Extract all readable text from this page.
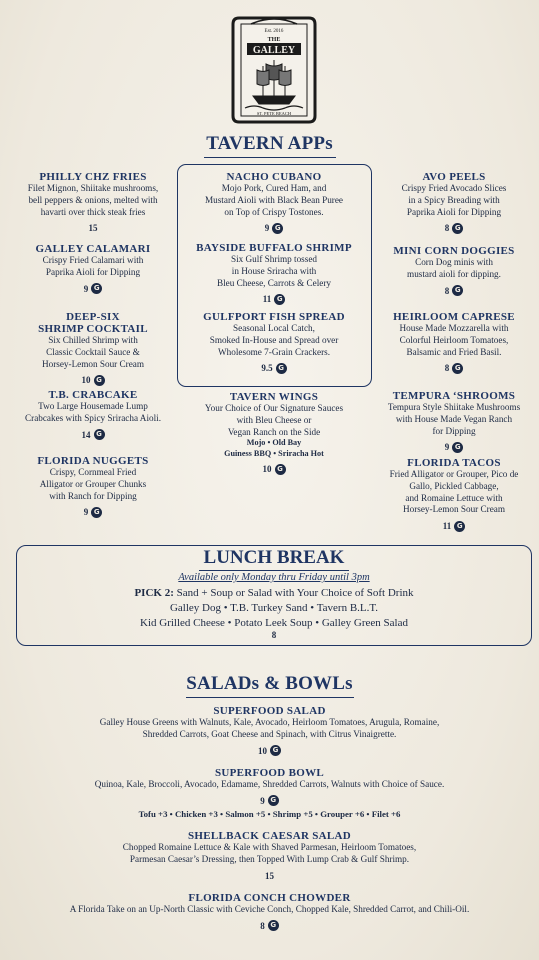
Est. 2016
THE
GALLEY
ST. PETE BEACH
TAVERN APPs
PHILLY CHZ FRIES
Filet Mignon, Shiitake mushrooms,
bell peppers & onions, melted with
havarti over thick steak fries
15
GALLEY CALAMARI
Crispy Fried Calamari with
Paprika Aioli for Dipping
9 G
DEEP-SIX
SHRIMP COCKTAIL
Six Chilled Shrimp with
Classic Cocktail Sauce &
Horsey-Lemon Sour Cream
10 G
T.B. CRABCAKE
Two Large Housemade Lump
Crabcakes with Spicy Sriracha Aioli.
14 G
FLORIDA NUGGETS
Crispy, Cornmeal Fried
Alligator or Grouper Chunks
with Ranch for Dipping
9 G
NACHO CUBANO
Mojo Pork, Cured Ham, and
Mustard Aioli with Black Bean Puree
on Top of Crispy Tostones.
9 G
BAYSIDE BUFFALO SHRIMP
Six Gulf Shrimp tossed
in House Sriracha with
Bleu Cheese, Carrots & Celery
11 G
GULFPORT FISH SPREAD
Seasonal Local Catch,
Smoked In-House and Spread over
Wholesome 7-Grain Crackers.
9.5 G
TAVERN WINGS
Your Choice of Our Signature Sauces
with Bleu Cheese or
Vegan Ranch on the Side
Mojo • Old Bay
Guiness BBQ • Sriracha Hot
10 G
AVO PEELS
Crispy Fried Avocado Slices
in a Spicy Breading with
Paprika Aioli for Dipping
8 G
MINI CORN DOGGIES
Corn Dog minis with
mustard aioli for dipping.
8 G
HEIRLOOM CAPRESE
House Made Mozzarella with
Colorful Heirloom Tomatoes,
Balsamic and Fried Basil.
8 G
TEMPURA ‘SHROOMS
Tempura Style Shiitake Mushrooms
with House Made Vegan Ranch
for Dipping
9 G
FLORIDA TACOS
Fried Alligator or Grouper, Pico de
Gallo, Pickled Cabbage,
and Romaine Lettuce with
Horsey-Lemon Sour Cream
11 G
LUNCH BREAK
Available only Monday thru Friday until 3pm
PICK 2: Sand + Soup or Salad with Your Choice of Soft Drink
Galley Dog • T.B. Turkey Sand • Tavern B.L.T.
Kid Grilled Cheese • Potato Leek Soup • Galley Green Salad
8
SALADs & BOWLs
SUPERFOOD SALAD
Galley House Greens with Walnuts, Kale, Avocado, Heirloom Tomatoes, Arugula, Romaine,
Shredded Carrots, Goat Cheese and Spinach, with Citrus Vinaigrette.
10 G
SUPERFOOD BOWL
Quinoa, Kale, Broccoli, Avocado, Edamame, Shredded Carrots, Walnuts with Choice of Sauce.
9 G
Tofu +3 • Chicken +3 • Salmon +5 • Shrimp +5 • Grouper +6 • Filet +6
SHELLBACK CAESAR SALAD
Chopped Romaine Lettuce & Kale with Shaved Parmesan, Heirloom Tomatoes,
Parmesan Caesar’s Dressing, then Topped With Lump Crab & Gulf Shrimp.
15
FLORIDA CONCH CHOWDER
A Florida Take on an Up-North Classic with Ceviche Conch, Chopped Kale, Shredded Carrot, and Chili-Oil.
8 G
